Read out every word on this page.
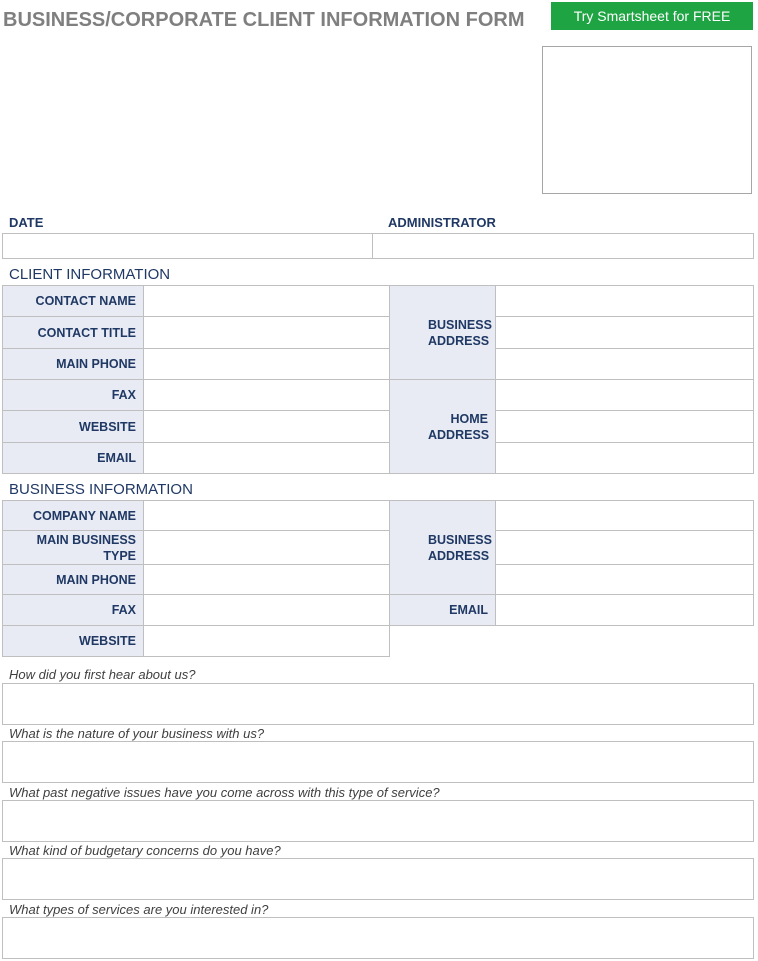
BUSINESS/CORPORATE CLIENT INFORMATION FORM	Try Smartsheet for FREE
DATE	ADMINISTRATOR
CLIENT INFORMATION
CONTACT NAME
CONTACT TITLE
MAIN PHONE
FAX
WEBSITE
EMAIL
BUSINESS ADDRESS
HOME ADDRESS
BUSINESS INFORMATION
COMPANY NAME
MAIN BUSINESS TYPE
MAIN PHONE
FAX
WEBSITE
BUSINESS ADDRESS
EMAIL
How did you first hear about us?
What is the nature of your business with us?
What past negative issues have you come across with this type of service?
What kind of budgetary concerns do you have?
What types of services are you interested in?
